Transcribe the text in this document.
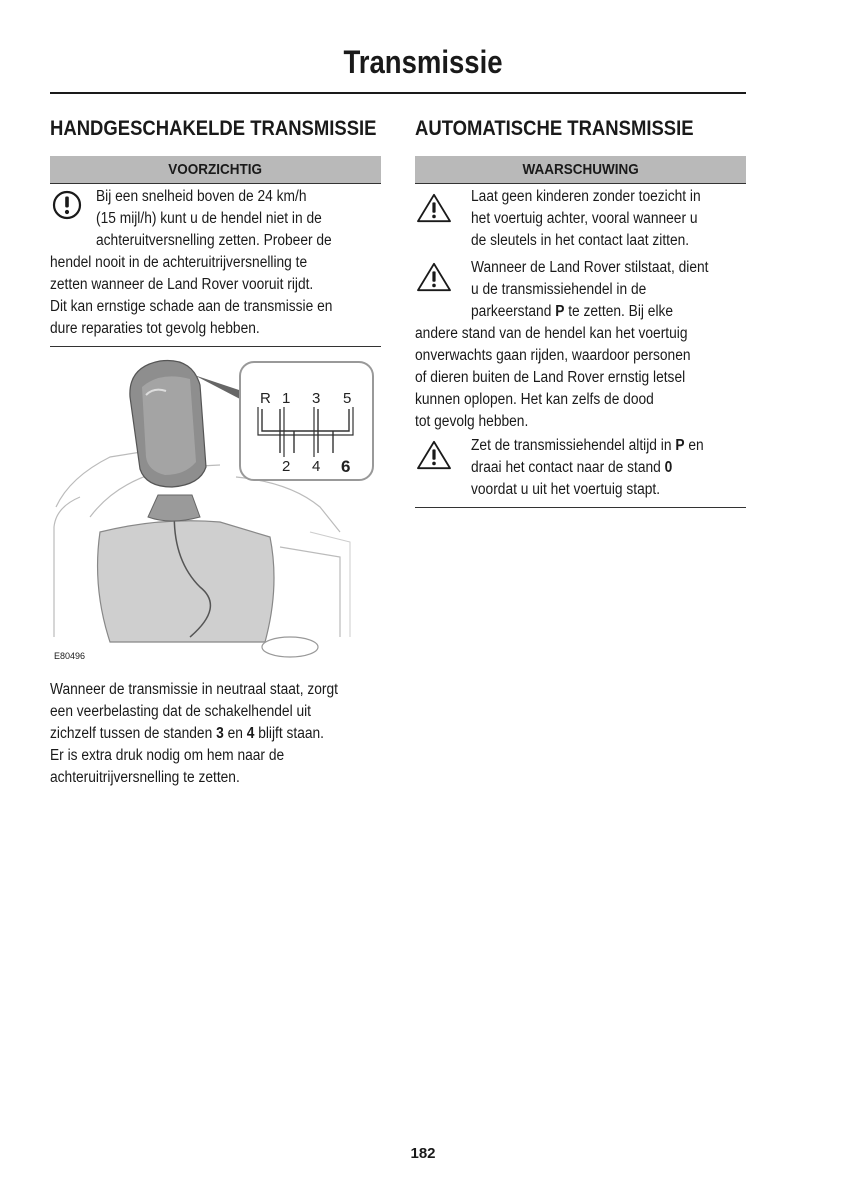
Transmissie
HANDGESCHAKELDE TRANSMISSIE
VOORZICHTIG
Bij een snelheid boven de 24 km/h
(15 mijl/h) kunt u de hendel niet in de
achteruitversnelling zetten. Probeer de
hendel nooit in de achteruitrijversnelling te
zetten wanneer de Land Rover vooruit rijdt.
Dit kan ernstige schade aan de transmissie en
dure reparaties tot gevolg hebben.
R 1 3 5
2 4 6
E80496
Wanneer de transmissie in neutraal staat, zorgt
een veerbelasting dat de schakelhendel uit
zichzelf tussen de standen 3 en 4 blijft staan.
Er is extra druk nodig om hem naar de
achteruitrijversnelling te zetten.
AUTOMATISCHE TRANSMISSIE
WAARSCHUWING
Laat geen kinderen zonder toezicht in
het voertuig achter, vooral wanneer u
de sleutels in het contact laat zitten.
Wanneer de Land Rover stilstaat, dient
u de transmissiehendel in de
parkeerstand P te zetten. Bij elke
andere stand van de hendel kan het voertuig
onverwachts gaan rijden, waardoor personen
of dieren buiten de Land Rover ernstig letsel
kunnen oplopen. Het kan zelfs de dood
tot gevolg hebben.
Zet de transmissiehendel altijd in P en
draai het contact naar de stand 0
voordat u uit het voertuig stapt.
182
